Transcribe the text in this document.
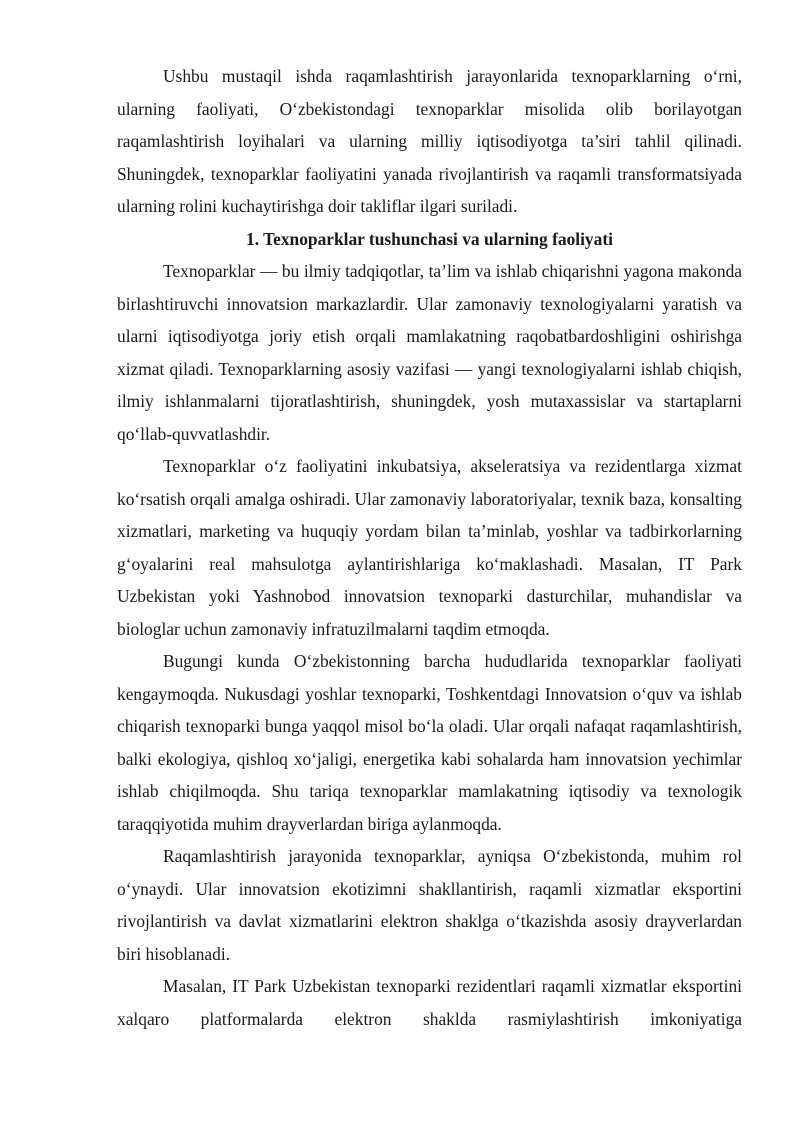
Ushbu mustaqil ishda raqamlashtirish jarayonlarida texnoparklarning o‘rni, ularning faoliyati, O‘zbekistondagi texnoparklar misolida olib borilayotgan raqamlashtirish loyihalari va ularning milliy iqtisodiyotga ta’siri tahlil qilinadi. Shuningdek, texnoparklar faoliyatini yanada rivojlantirish va raqamli transformatsiyada ularning rolini kuchaytirishga doir takliflar ilgari suriladi.

1. Texnoparklar tushunchasi va ularning faoliyati

Texnoparklar — bu ilmiy tadqiqotlar, ta’lim va ishlab chiqarishni yagona makonda birlashtiruvchi innovatsion markazlardir. Ular zamonaviy texnologiyalarni yaratish va ularni iqtisodiyotga joriy etish orqali mamlakatning raqobatbardoshligini oshirishga xizmat qiladi. Texnoparklarning asosiy vazifasi — yangi texnologiyalarni ishlab chiqish, ilmiy ishlanmalarni tijoratlashtirish, shuningdek, yosh mutaxassislar va startaplarni qo‘llab-quvvatlashdir.

Texnoparklar o‘z faoliyatini inkubatsiya, akseleratsiya va rezidentlarga xizmat ko‘rsatish orqali amalga oshiradi. Ular zamonaviy laboratoriyalar, texnik baza, konsalting xizmatlari, marketing va huquqiy yordam bilan ta’minlab, yoshlar va tadbirkorlarning g‘oyalarini real mahsulotga aylantirishlariga ko‘maklashadi. Masalan, IT Park Uzbekistan yoki Yashnobod innovatsion texnoparki dasturchilar, muhandislar va biologlar uchun zamonaviy infratuzilmalarni taqdim etmoqda.

Bugungi kunda O‘zbekistonning barcha hududlarida texnoparklar faoliyati kengaymoqda. Nukusdagi yoshlar texnoparki, Toshkentdagi Innovatsion o‘quv va ishlab chiqarish texnoparki bunga yaqqol misol bo‘la oladi. Ular orqali nafaqat raqamlashtirish, balki ekologiya, qishloq xo‘jaligi, energetika kabi sohalarda ham innovatsion yechimlar ishlab chiqilmoqda. Shu tariqa texnoparklar mamlakatning iqtisodiy va texnologik taraqqiyotida muhim drayverlardan biriga aylanmoqda.

Raqamlashtirish jarayonida texnoparklar, ayniqsa O‘zbekistonda, muhim rol o‘ynaydi. Ular innovatsion ekotizimni shakllantirish, raqamli xizmatlar eksportini rivojlantirish va davlat xizmatlarini elektron shaklga o‘tkazishda asosiy drayverlardan biri hisoblanadi.

Masalan, IT Park Uzbekistan texnoparki rezidentlari raqamli xizmatlar eksportini xalqaro platformalarda elektron shaklda rasmiylashtirish imkoniyatiga
